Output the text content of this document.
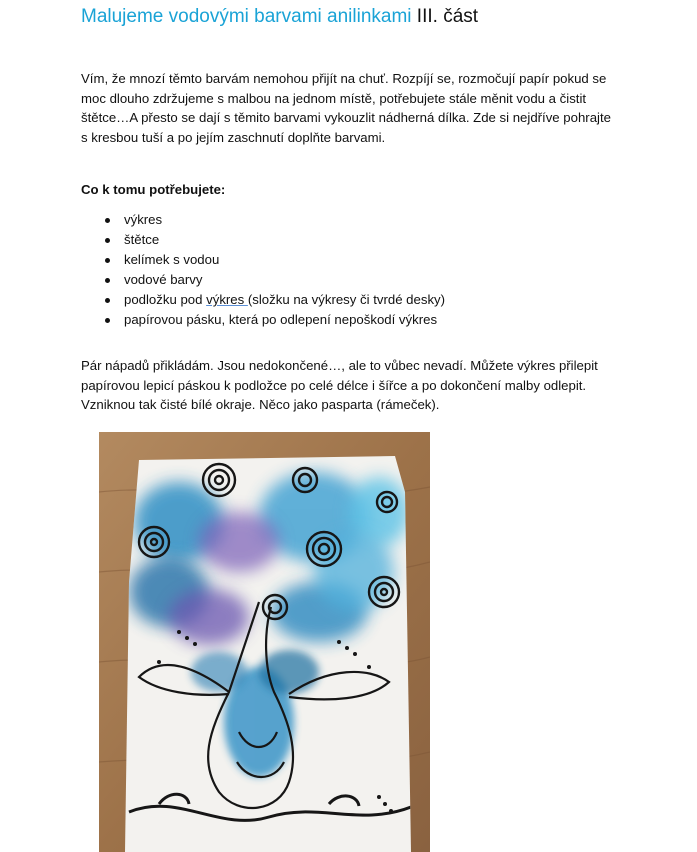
Malujeme vodovými barvami anilinkami III. část

Vím, že mnozí těmto barvám nemohou přijít na chuť. Rozpíjí se, rozmočují papír pokud se moc dlouho zdržujeme s malbou na jednom místě, potřebujete stále měnit vodu a čistit štětce…A přesto se dají s těmito barvami vykouzlit nádherná dílka. Zde si nejdříve pohrajte s kresbou tuší a po jejím zaschnutí doplňte barvami.

Co k tomu potřebujete:

výkres
štětce
kelímek s vodou
vodové barvy
podložku pod výkres (složku na výkresy či tvrdé desky)
papírovou pásku, která po odlepení nepoškodí výkres

Pár nápadů přikládám. Jsou nedokončené…, ale to vůbec nevadí. Můžete výkres přilepit papírovou lepicí páskou k podložce po celé délce i šířce a po dokončení malby odlepit. Vzniknou tak čisté bílé okraje. Něco jako pasparta (rámeček).
